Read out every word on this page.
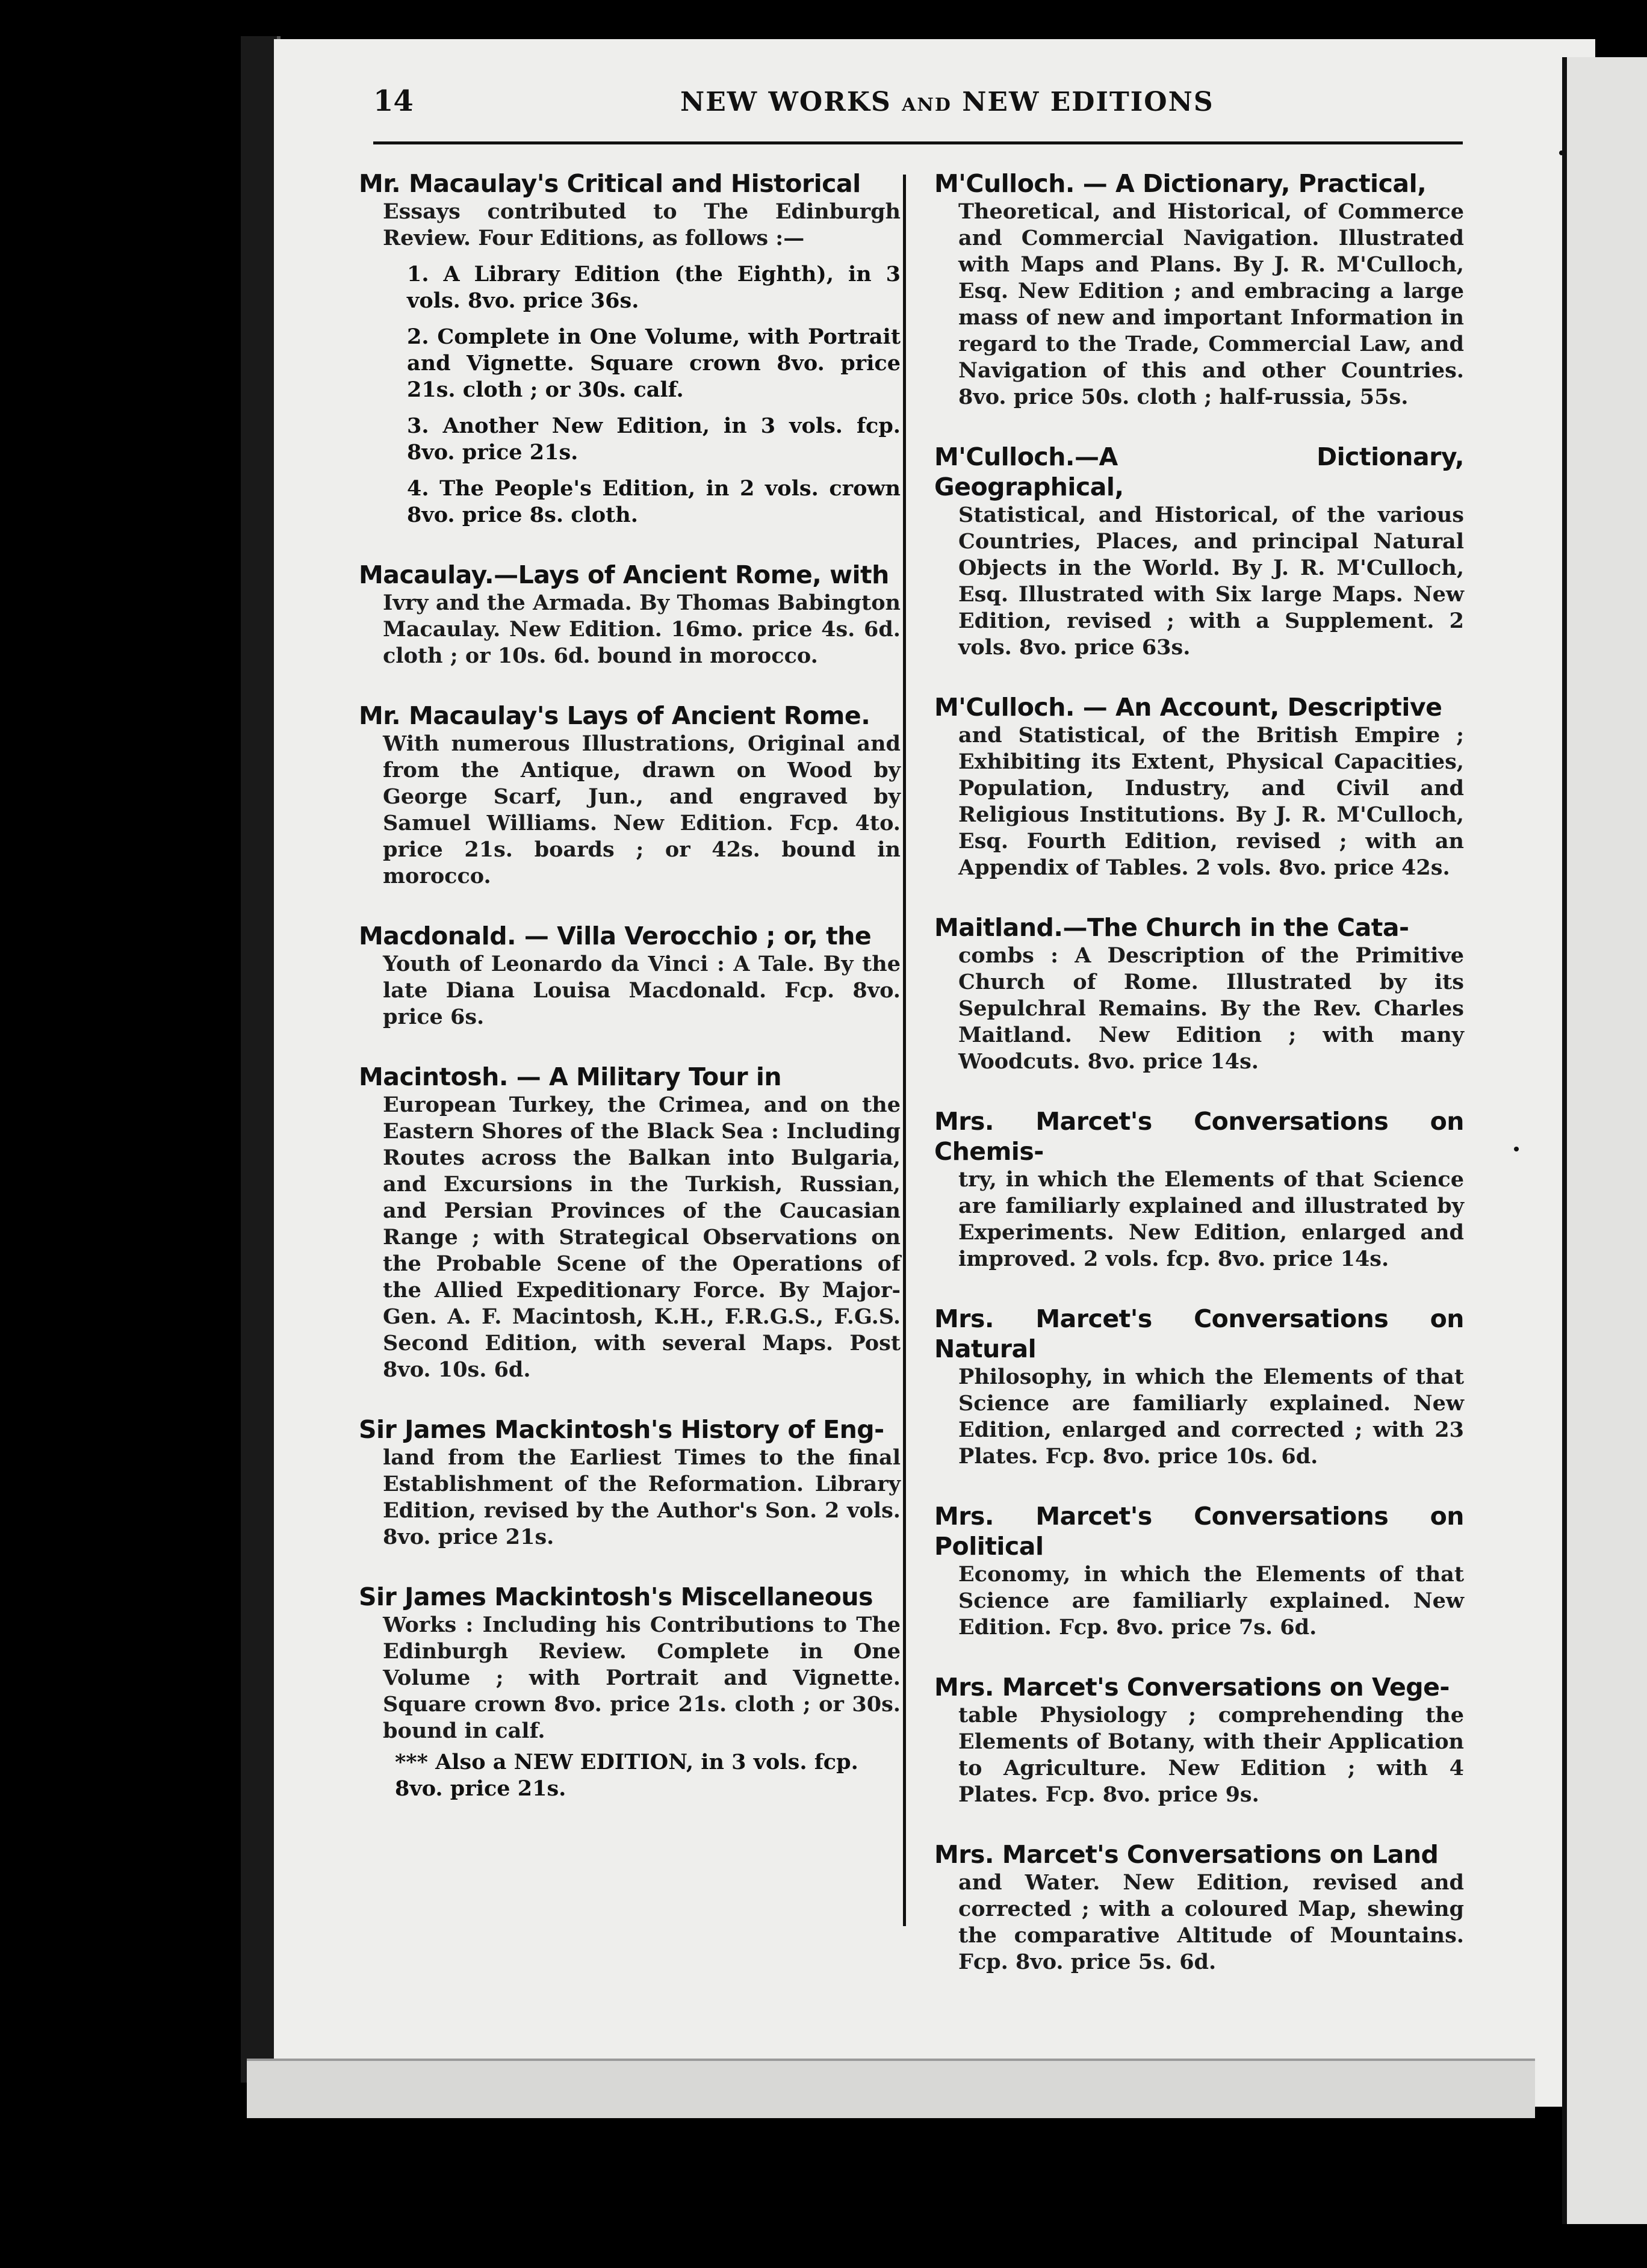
14	NEW WORKS AND NEW EDITIONS
Mr. Macaulay's Critical and Historical
Essays contributed to The Edinburgh Review. Four Editions, as follows :—
1. A Library Edition (the Eighth), in 3 vols. 8vo. price 36s.
2. Complete in One Volume, with Portrait and Vignette. Square crown 8vo. price 21s. cloth ; or 30s. calf.
3. Another New Edition, in 3 vols. fcp. 8vo. price 21s.
4. The People's Edition, in 2 vols. crown 8vo. price 8s. cloth.
Macaulay.—Lays of Ancient Rome, with
Ivry and the Armada. By Thomas Babington Macaulay. New Edition. 16mo. price 4s. 6d. cloth ; or 10s. 6d. bound in morocco.
Mr. Macaulay's Lays of Ancient Rome.
With numerous Illustrations, Original and from the Antique, drawn on Wood by George Scarf, Jun., and engraved by Samuel Williams. New Edition. Fcp. 4to. price 21s. boards ; or 42s. bound in morocco.
Macdonald. — Villa Verocchio ; or, the
Youth of Leonardo da Vinci : A Tale. By the late Diana Louisa Macdonald. Fcp. 8vo. price 6s.
Macintosh. — A Military Tour in
European Turkey, the Crimea, and on the Eastern Shores of the Black Sea : Including Routes across the Balkan into Bulgaria, and Excursions in the Turkish, Russian, and Persian Provinces of the Caucasian Range ; with Strategical Observations on the Probable Scene of the Operations of the Allied Expeditionary Force. By Major-Gen. A. F. Macintosh, K.H., F.R.G.S., F.G.S. Second Edition, with several Maps. Post 8vo. 10s. 6d.
Sir James Mackintosh's History of Eng-
land from the Earliest Times to the final Establishment of the Reformation. Library Edition, revised by the Author's Son. 2 vols. 8vo. price 21s.
Sir James Mackintosh's Miscellaneous
Works : Including his Contributions to The Edinburgh Review. Complete in One Volume ; with Portrait and Vignette. Square crown 8vo. price 21s. cloth ; or 30s. bound in calf.
*** Also a NEW EDITION, in 3 vols. fcp. 8vo. price 21s.
M'Culloch. — A Dictionary, Practical,
Theoretical, and Historical, of Commerce and Commercial Navigation. Illustrated with Maps and Plans. By J. R. M'Culloch, Esq. New Edition ; and embracing a large mass of new and important Information in regard to the Trade, Commercial Law, and Navigation of this and other Countries. 8vo. price 50s. cloth ; half-russia, 55s.
M'Culloch.—A Dictionary, Geographical,
Statistical, and Historical, of the various Countries, Places, and principal Natural Objects in the World. By J. R. M'Culloch, Esq. Illustrated with Six large Maps. New Edition, revised ; with a Supplement. 2 vols. 8vo. price 63s.
M'Culloch. — An Account, Descriptive
and Statistical, of the British Empire ; Exhibiting its Extent, Physical Capacities, Population, Industry, and Civil and Religious Institutions. By J. R. M'Culloch, Esq. Fourth Edition, revised ; with an Appendix of Tables. 2 vols. 8vo. price 42s.
Maitland.—The Church in the Cata-
combs : A Description of the Primitive Church of Rome. Illustrated by its Sepulchral Remains. By the Rev. Charles Maitland. New Edition ; with many Woodcuts. 8vo. price 14s.
Mrs. Marcet's Conversations on Chemis-
try, in which the Elements of that Science are familiarly explained and illustrated by Experiments. New Edition, enlarged and improved. 2 vols. fcp. 8vo. price 14s.
Mrs. Marcet's Conversations on Natural
Philosophy, in which the Elements of that Science are familiarly explained. New Edition, enlarged and corrected ; with 23 Plates. Fcp. 8vo. price 10s. 6d.
Mrs. Marcet's Conversations on Political
Economy, in which the Elements of that Science are familiarly explained. New Edition. Fcp. 8vo. price 7s. 6d.
Mrs. Marcet's Conversations on Vege-
table Physiology ; comprehending the Elements of Botany, with their Application to Agriculture. New Edition ; with 4 Plates. Fcp. 8vo. price 9s.
Mrs. Marcet's Conversations on Land
and Water. New Edition, revised and corrected ; with a coloured Map, shewing the comparative Altitude of Mountains. Fcp. 8vo. price 5s. 6d.
